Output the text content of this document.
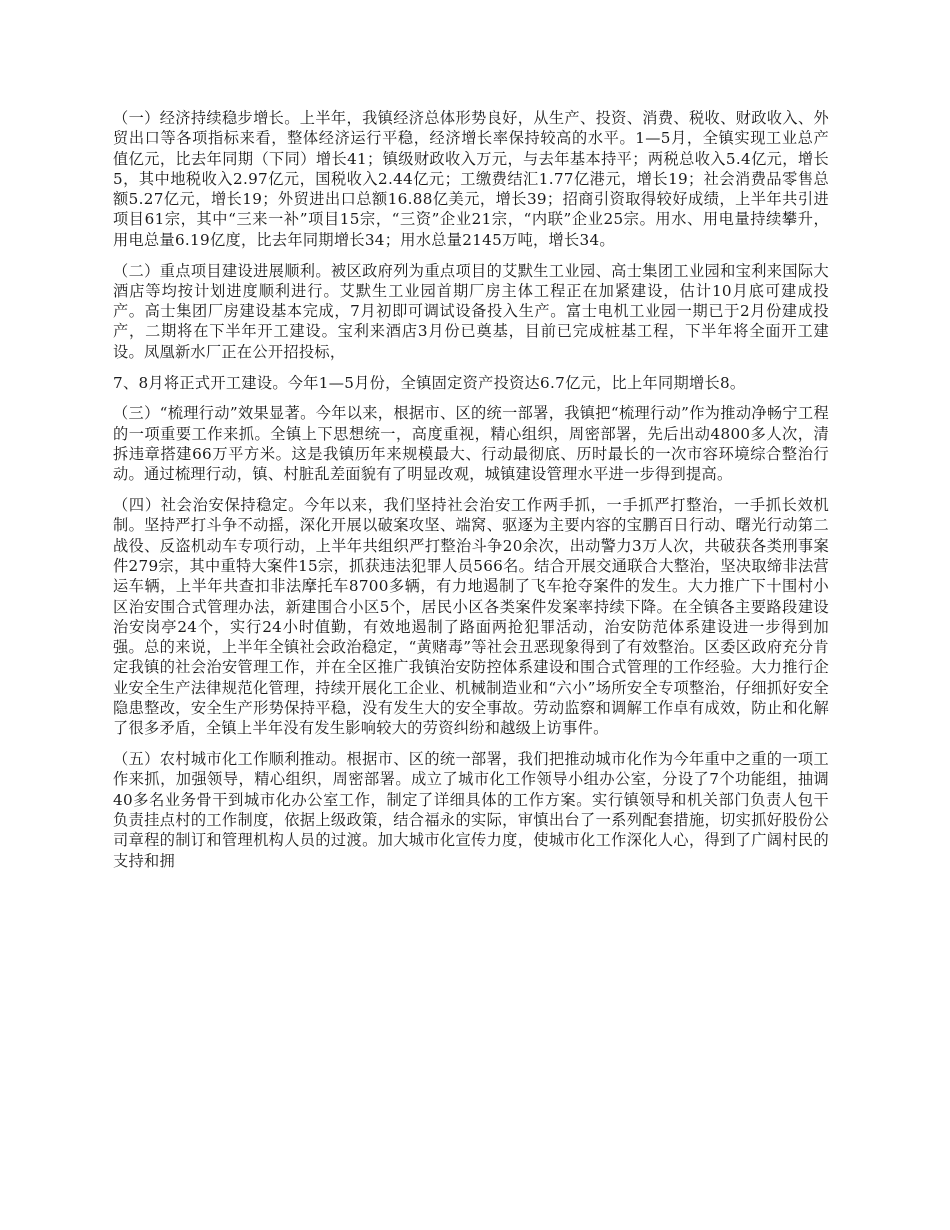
（一）经济持续稳步增长。上半年，我镇经济总体形势良好，从生产、投资、消费、税收、财政收入、外贸出口等各项指标来看，整体经济运行平稳，经济增长率保持较高的水平。1—5月，全镇实现工业总产值亿元，比去年同期（下同）增长41；镇级财政收入万元，与去年基本持平；两税总收入5.4亿元，增长5，其中地税收入2.97亿元，国税收入2.44亿元；工缴费结汇1.77亿港元，增长19；社会消费品零售总额5.27亿元，增长19；外贸进出口总额16.88亿美元，增长39；招商引资取得较好成绩，上半年共引进项目61宗，其中“三来一补”项目15宗，“三资”企业21宗，“内联”企业25宗。用水、用电量持续攀升，用电总量6.19亿度，比去年同期增长34；用水总量2145万吨，增长34。

（二）重点项目建设进展顺利。被区政府列为重点项目的艾默生工业园、高士集团工业园和宝利来国际大酒店等均按计划进度顺利进行。艾默生工业园首期厂房主体工程正在加紧建设，估计10月底可建成投产。高士集团厂房建设基本完成，7月初即可调试设备投入生产。富士电机工业园一期已于2月份建成投产，二期将在下半年开工建设。宝利来酒店3月份已奠基，目前已完成桩基工程，下半年将全面开工建设。凤凰新水厂正在公开招投标，

7、8月将正式开工建设。今年1—5月份，全镇固定资产投资达6.7亿元，比上年同期增长8。

（三）“梳理行动”效果显著。今年以来，根据市、区的统一部署，我镇把“梳理行动”作为推动净畅宁工程的一项重要工作来抓。全镇上下思想统一，高度重视，精心组织，周密部署，先后出动4800多人次，清拆违章搭建66万平方米。这是我镇历年来规模最大、行动最彻底、历时最长的一次市容环境综合整治行动。通过梳理行动，镇、村脏乱差面貌有了明显改观，城镇建设管理水平进一步得到提高。

（四）社会治安保持稳定。今年以来，我们坚持社会治安工作两手抓，一手抓严打整治，一手抓长效机制。坚持严打斗争不动摇，深化开展以破案攻坚、端窝、驱逐为主要内容的宝鹏百日行动、曙光行动第二战役、反盗机动车专项行动，上半年共组织严打整治斗争20余次，出动警力3万人次，共破获各类刑事案件279宗，其中重特大案件15宗，抓获违法犯罪人员566名。结合开展交通联合大整治，坚决取缔非法营运车辆，上半年共查扣非法摩托车8700多辆，有力地遏制了飞车抢夺案件的发生。大力推广下十围村小区治安围合式管理办法，新建围合小区5个，居民小区各类案件发案率持续下降。在全镇各主要路段建设治安岗亭24个，实行24小时值勤，有效地遏制了路面两抢犯罪活动，治安防范体系建设进一步得到加强。总的来说，上半年全镇社会政治稳定，“黄赌毒”等社会丑恶现象得到了有效整治。区委区政府充分肯定我镇的社会治安管理工作，并在全区推广我镇治安防控体系建设和围合式管理的工作经验。大力推行企业安全生产法律规范化管理，持续开展化工企业、机械制造业和“六小”场所安全专项整治，仔细抓好安全隐患整改，安全生产形势保持平稳，没有发生大的安全事故。劳动监察和调解工作卓有成效，防止和化解了很多矛盾，全镇上半年没有发生影响较大的劳资纠纷和越级上访事件。

（五）农村城市化工作顺利推动。根据市、区的统一部署，我们把推动城市化作为今年重中之重的一项工作来抓，加强领导，精心组织，周密部署。成立了城市化工作领导小组办公室，分设了7个功能组，抽调40多名业务骨干到城市化办公室工作，制定了详细具体的工作方案。实行镇领导和机关部门负责人包干负责挂点村的工作制度，依据上级政策，结合福永的实际，审慎出台了一系列配套措施，切实抓好股份公司章程的制订和管理机构人员的过渡。加大城市化宣传力度，使城市化工作深化人心，得到了广阔村民的支持和拥
